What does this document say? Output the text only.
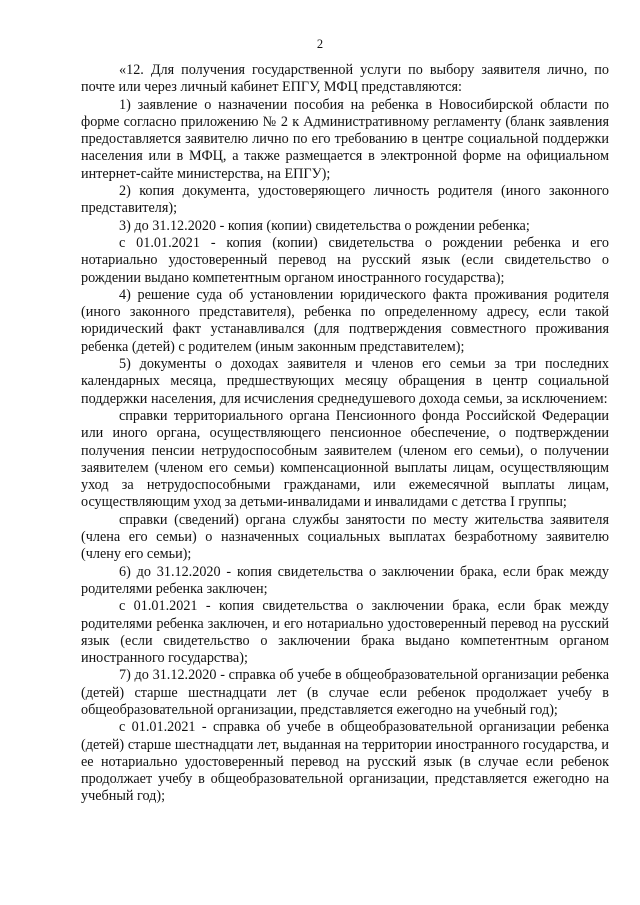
2

«12. Для получения государственной услуги по выбору заявителя лично, по почте или через личный кабинет ЕПГУ, МФЦ представляются:

1) заявление о назначении пособия на ребенка в Новосибирской области по форме согласно приложению № 2 к Административному регламенту (бланк заявления предоставляется заявителю лично по его требованию в центре социальной поддержки населения или в МФЦ, а также размещается в электронной форме на официальном интернет-сайте министерства, на ЕПГУ);

2) копия документа, удостоверяющего личность родителя (иного законного представителя);

3) до 31.12.2020 - копия (копии) свидетельства о рождении ребенка;

с 01.01.2021 - копия (копии) свидетельства о рождении ребенка и его нотариально удостоверенный перевод на русский язык (если свидетельство о рождении выдано компетентным органом иностранного государства);

4) решение суда об установлении юридического факта проживания родителя (иного законного представителя), ребенка по определенному адресу, если такой юридический факт устанавливался (для подтверждения совместного проживания ребенка (детей) с родителем (иным законным представителем);

5) документы о доходах заявителя и членов его семьи за три последних календарных месяца, предшествующих месяцу обращения в центр социальной поддержки населения, для исчисления среднедушевого дохода семьи, за исключением:

справки территориального органа Пенсионного фонда Российской Федерации или иного органа, осуществляющего пенсионное обеспечение, о подтверждении получения пенсии нетрудоспособным заявителем (членом его семьи), о получении заявителем (членом его семьи) компенсационной выплаты лицам, осуществляющим уход за нетрудоспособными гражданами, или ежемесячной выплаты лицам, осуществляющим уход за детьми-инвалидами и инвалидами с детства I группы;

справки (сведений) органа службы занятости по месту жительства заявителя (члена его семьи) о назначенных социальных выплатах безработному заявителю (члену его семьи);

6) до 31.12.2020 - копия свидетельства о заключении брака, если брак между родителями ребенка заключен;

с 01.01.2021 - копия свидетельства о заключении брака, если брак между родителями ребенка заключен, и его нотариально удостоверенный перевод на русский язык (если свидетельство о заключении брака выдано компетентным органом иностранного государства);

7) до 31.12.2020 - справка об учебе в общеобразовательной организации ребенка (детей) старше шестнадцати лет (в случае если ребенок продолжает учебу в общеобразовательной организации, представляется ежегодно на учебный год);

с 01.01.2021 - справка об учебе в общеобразовательной организации ребенка (детей) старше шестнадцати лет, выданная на территории иностранного государства, и ее нотариально удостоверенный перевод на русский язык (в случае если ребенок продолжает учебу в общеобразовательной организации, представляется ежегодно на учебный год);
